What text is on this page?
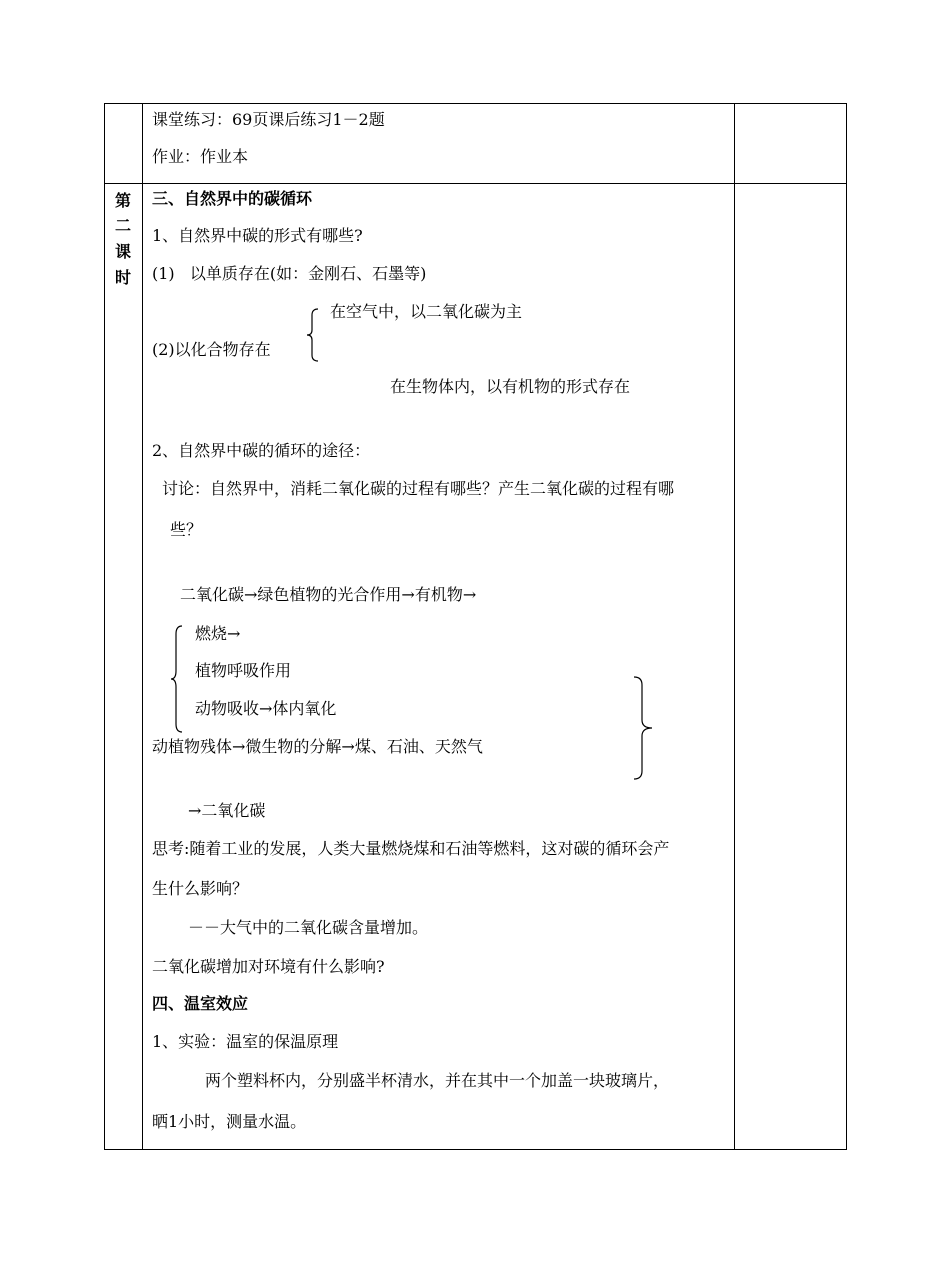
课堂练习：69页课后练习1－2题
作业：作业本
第
二
课
时
三、自然界中的碳循环
1、自然界中碳的形式有哪些?
(1)   以单质存在(如：金刚石、石墨等)
在空气中，以二氧化碳为主
(2)以化合物存在
在生物体内，以有机物的形式存在
2、自然界中碳的循环的途径：
讨论：自然界中，消耗二氧化碳的过程有哪些？产生二氧化碳的过程有哪
些？
二氧化碳→绿色植物的光合作用→有机物→
燃烧→
植物呼吸作用
动物吸收→体内氧化
动植物残体→微生物的分解→煤、石油、天然气
→二氧化碳
思考:随着工业的发展，人类大量燃烧煤和石油等燃料，这对碳的循环会产
生什么影响？
－－大气中的二氧化碳含量增加。
二氧化碳增加对环境有什么影响?
四、温室效应
1、实验：温室的保温原理
两个塑料杯内，分别盛半杯清水，并在其中一个加盖一块玻璃片，
晒1小时，测量水温。
